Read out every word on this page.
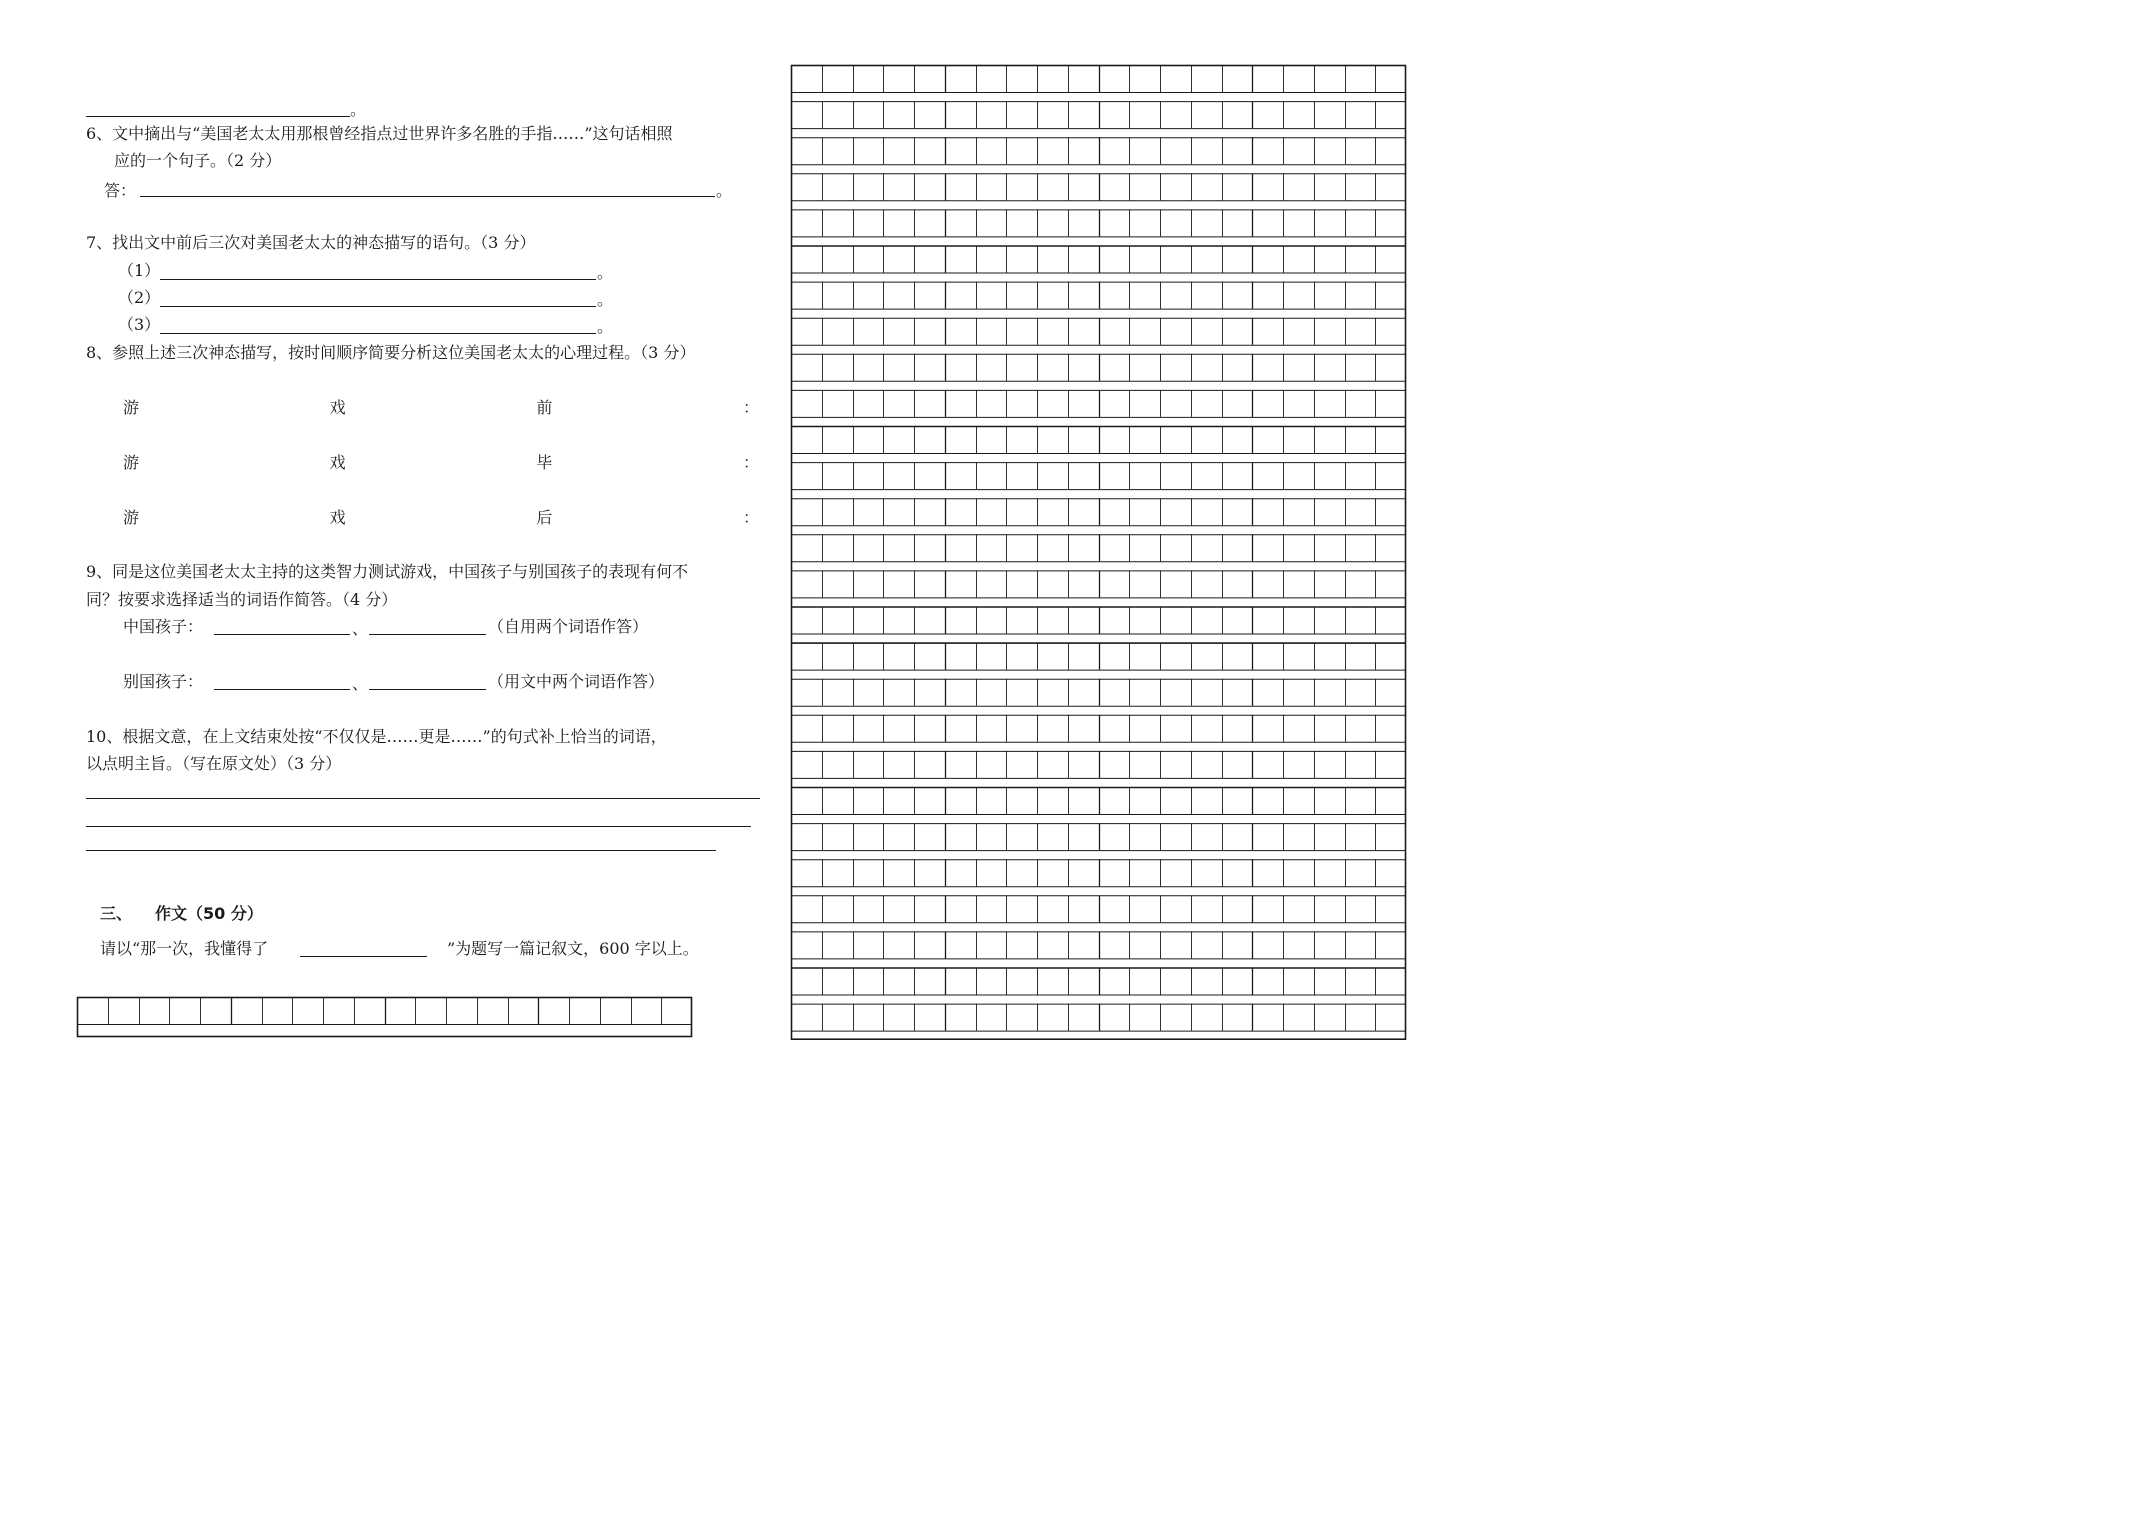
。
6、文中摘出与“美国老太太用那根曾经指点过世界许多名胜的手指……”这句话相照
应的一个句子。（2 分）
答：	。
7、找出文中前后三次对美国老太太的神态描写的语句。（3 分）
（1）	。
（2）	。
（3）	。
8、参照上述三次神态描写，按时间顺序简要分析这位美国老太太的心理过程。（3 分）
游	戏	前	：
游	戏	毕	：
游	戏	后	：
9、同是这位美国老太太主持的这类智力测试游戏，中国孩子与别国孩子的表现有何不
同？按要求选择适当的词语作简答。（4 分）
中国孩子：	、	（自用两个词语作答）
别国孩子：	、	（用文中两个词语作答）
10、根据文意，在上文结束处按“不仅仅是……更是……”的句式补上恰当的词语，
以点明主旨。（写在原文处）（3 分）
三、 作文（50 分）
请以“那一次，我懂得了	”为题写一篇记叙文，600 字以上。
